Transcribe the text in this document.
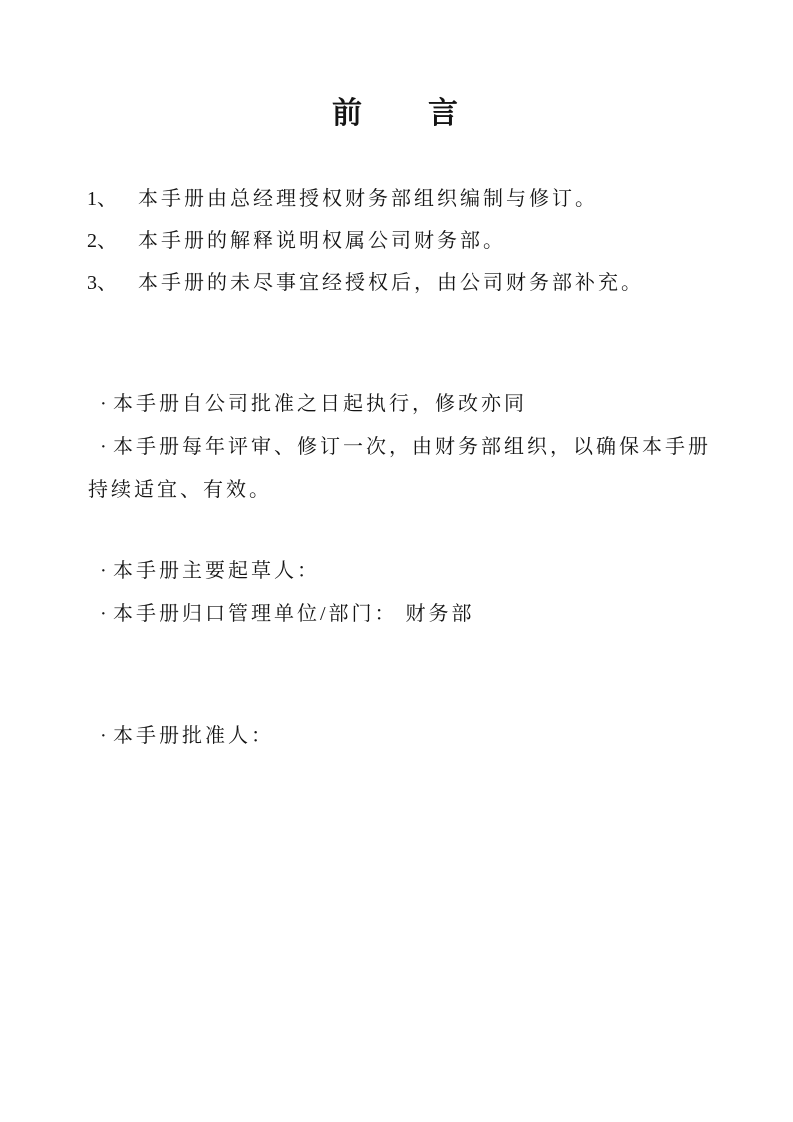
前      言
1、 本手册由总经理授权财务部组织编制与修订。
2、 本手册的解释说明权属公司财务部。
3、 本手册的未尽事宜经授权后，由公司财务部补充。

· 本手册自公司批准之日起执行，修改亦同

· 本手册每年评审、修订一次，由财务部组织，以确保本手册持续适宜、有效。

· 本手册主要起草人：

· 本手册归口管理单位/部门： 财务部

· 本手册批准人：
